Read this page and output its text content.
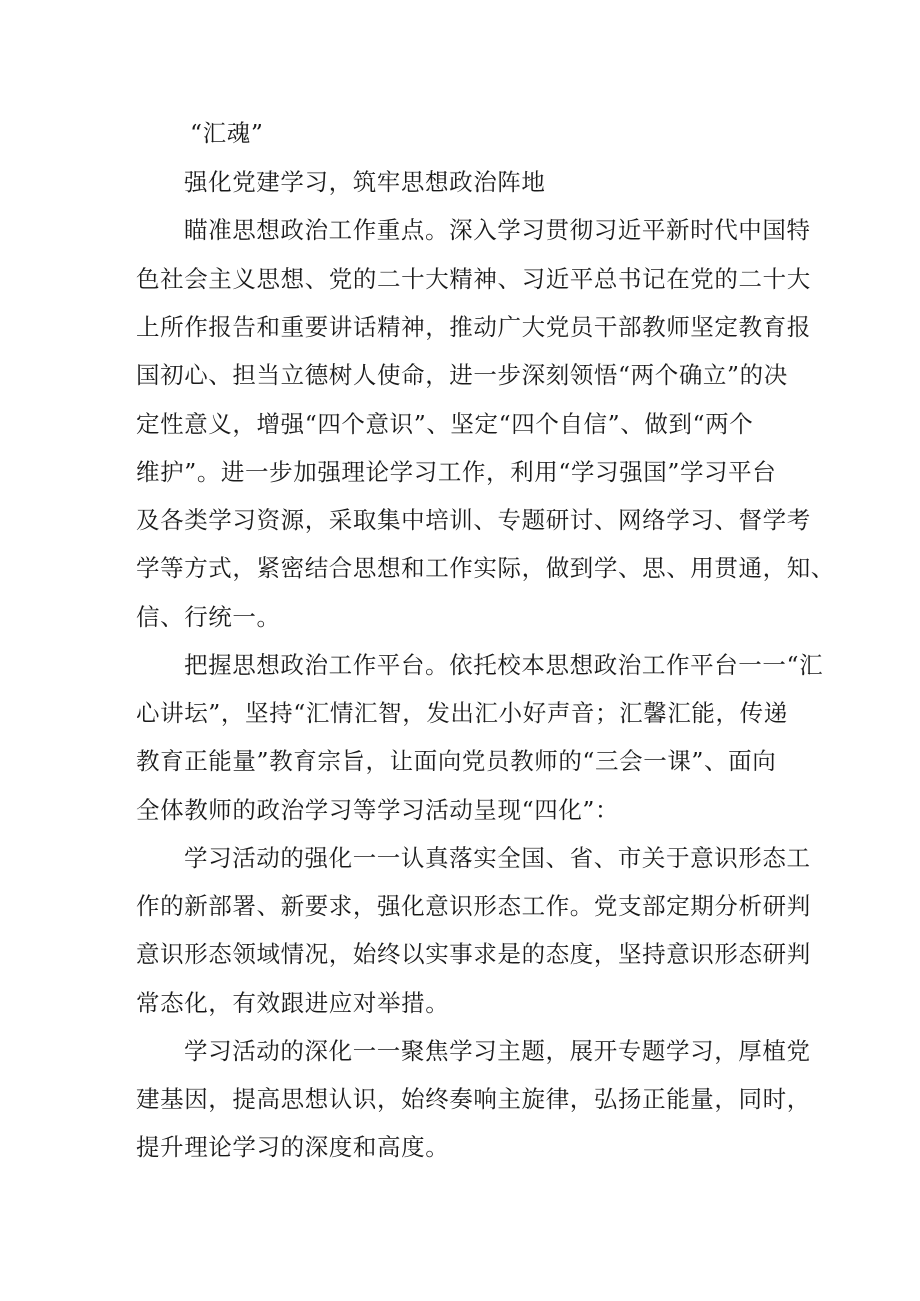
“汇魂”

强化党建学习，筑牢思想政治阵地

瞄准思想政治工作重点。深入学习贯彻习近平新时代中国特

色社会主义思想、党的二十大精神、习近平总书记在党的二十大

上所作报告和重要讲话精神，推动广大党员干部教师坚定教育报

国初心、担当立德树人使命，进一步深刻领悟“两个确立”的决

定性意义，增强“四个意识”、坚定“四个自信”、做到“两个

维护”。进一步加强理论学习工作，利用“学习强国”学习平台

及各类学习资源，采取集中培训、专题研讨、网络学习、督学考

学等方式，紧密结合思想和工作实际，做到学、思、用贯通，知、

信、行统一。

把握思想政治工作平台。依托校本思想政治工作平台一一“汇

心讲坛”，坚持“汇情汇智，发出汇小好声音；汇馨汇能，传递

教育正能量”教育宗旨，让面向党员教师的“三会一课”、面向

全体教师的政治学习等学习活动呈现“四化”：

学习活动的强化一一认真落实全国、省、市关于意识形态工

作的新部署、新要求，强化意识形态工作。党支部定期分析研判

意识形态领域情况，始终以实事求是的态度，坚持意识形态研判

常态化，有效跟进应对举措。

学习活动的深化一一聚焦学习主题，展开专题学习，厚植党

建基因，提高思想认识，始终奏响主旋律，弘扬正能量，同时，

提升理论学习的深度和高度。
